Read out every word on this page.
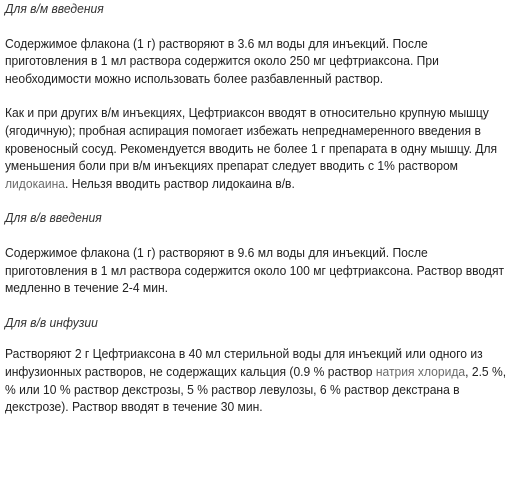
Для в/м введения
Содержимое флакона (1 г) растворяют в 3.6 мл воды для инъекций. После
приготовления в 1 мл раствора содержится около 250 мг цефтриаксона. При
необходимости можно использовать более разбавленный раствор.
Как и при других в/м инъекциях, Цефтриаксон вводят в относительно крупную мышцу
(ягодичную); пробная аспирация помогает избежать непреднамеренного введения в
кровеносный сосуд. Рекомендуется вводить не более 1 г препарата в одну мышцу. Для
уменьшения боли при в/м инъекциях препарат следует вводить с 1% раствором
лидокаина. Нельзя вводить раствор лидокаина в/в.
Для в/в введения
Содержимое флакона (1 г) растворяют в 9.6 мл воды для инъекций. После
приготовления в 1 мл раствора содержится около 100 мг цефтриаксона. Раствор вводят
медленно в течение 2-4 мин.
Для в/в инфузии
Растворяют 2 г Цефтриаксона в 40 мл стерильной воды для инъекций или одного из
инфузионных растворов, не содержащих кальция (0.9 % раствор натрия хлорида, 2.5 %,
% или 10 % раствор декстрозы, 5 % раствор левулозы, 6 % раствор декстрана в
декстрозе). Раствор вводят в течение 30 мин.
